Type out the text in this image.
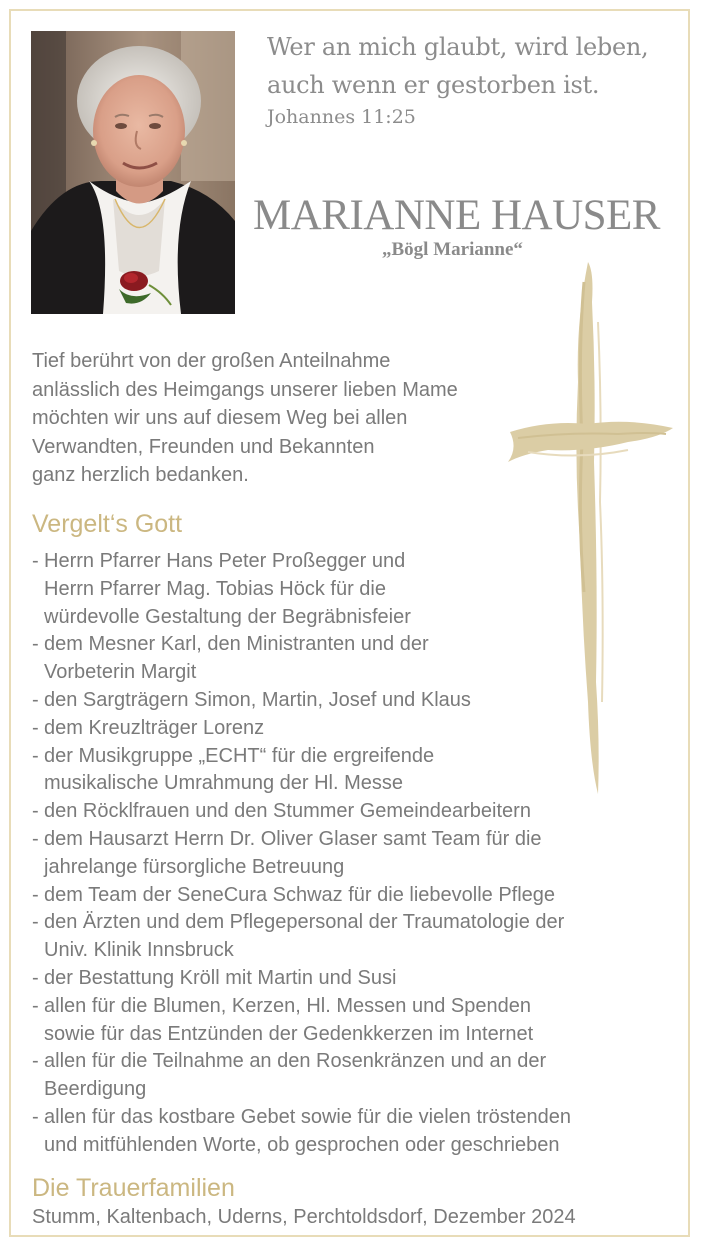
Wer an mich glaubt, wird leben,
auch wenn er gestorben ist.
Johannes 11:25
MARIANNE HAUSER
„Bögl Marianne“
Tief berührt von der großen Anteilnahme
anlässlich des Heimgangs unserer lieben Mame
möchten wir uns auf diesem Weg bei allen
Verwandten, Freunden und Bekannten
ganz herzlich bedanken.
Vergelt‘s Gott
- Herrn Pfarrer Hans Peter Proßegger und
Herrn Pfarrer Mag. Tobias Höck für die
würdevolle Gestaltung der Begräbnisfeier
- dem Mesner Karl, den Ministranten und der
Vorbeterin Margit
- den Sargträgern Simon, Martin, Josef und Klaus
- dem Kreuzlträger Lorenz
- der Musikgruppe „ECHT“ für die ergreifende
musikalische Umrahmung der Hl. Messe
- den Röcklfrauen und den Stummer Gemeindearbeitern
- dem Hausarzt Herrn Dr. Oliver Glaser samt Team für die
jahrelange fürsorgliche Betreuung
- dem Team der SeneCura Schwaz für die liebevolle Pflege
- den Ärzten und dem Pflegepersonal der Traumatologie der
Univ. Klinik Innsbruck
- der Bestattung Kröll mit Martin und Susi
- allen für die Blumen, Kerzen, Hl. Messen und Spenden
sowie für das Entzünden der Gedenkkerzen im Internet
- allen für die Teilnahme an den Rosenkränzen und an der
Beerdigung
- allen für das kostbare Gebet sowie für die vielen tröstenden
und mitfühlenden Worte, ob gesprochen oder geschrieben
Die Trauerfamilien
Stumm, Kaltenbach, Uderns, Perchtoldsdorf, Dezember 2024
